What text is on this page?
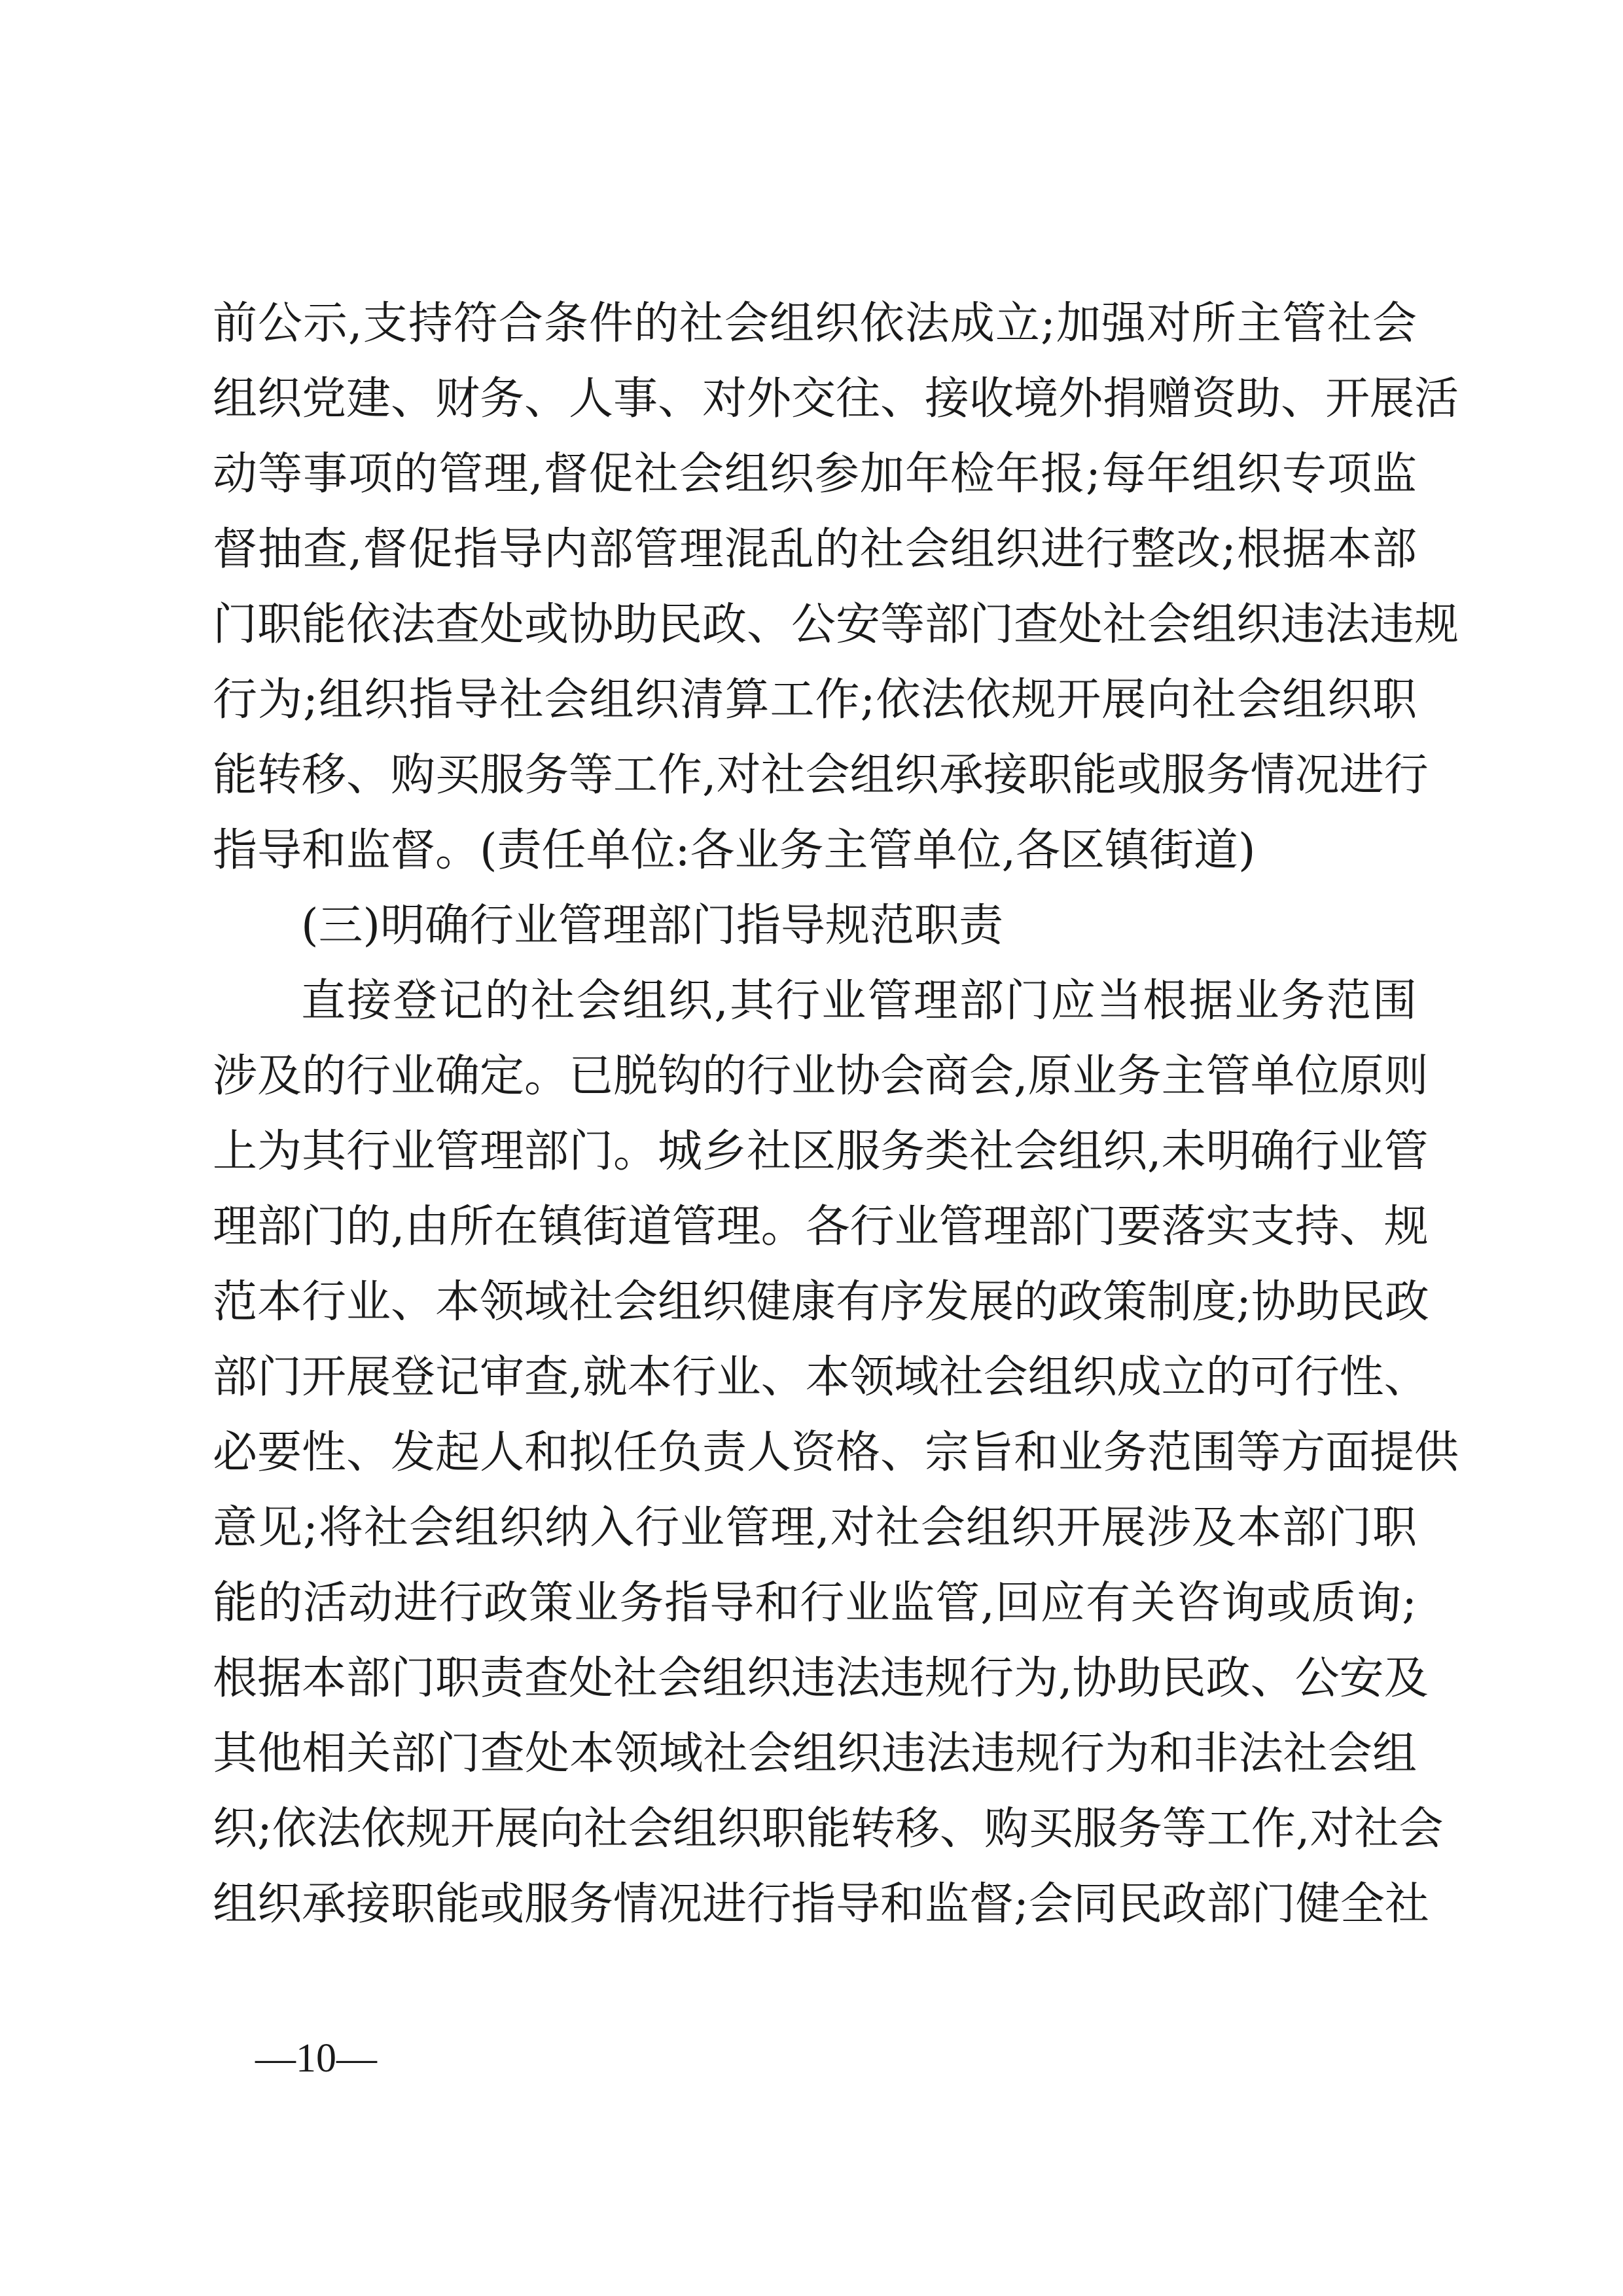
前公示,支持符合条件的社会组织依法成立;加强对所主管社会
组织党建、财务、人事、对外交往、接收境外捐赠资助、开展活
动等事项的管理,督促社会组织参加年检年报;每年组织专项监
督抽查,督促指导内部管理混乱的社会组织进行整改;根据本部
门职能依法查处或协助民政、公安等部门查处社会组织违法违规
行为;组织指导社会组织清算工作;依法依规开展向社会组织职
能转移、购买服务等工作,对社会组织承接职能或服务情况进行
指导和监督。(责任单位:各业务主管单位,各区镇街道)
(三)明确行业管理部门指导规范职责
直接登记的社会组织,其行业管理部门应当根据业务范围
涉及的行业确定。已脱钩的行业协会商会,原业务主管单位原则
上为其行业管理部门。城乡社区服务类社会组织,未明确行业管
理部门的,由所在镇街道管理。各行业管理部门要落实支持、规
范本行业、本领域社会组织健康有序发展的政策制度;协助民政
部门开展登记审查,就本行业、本领域社会组织成立的可行性、
必要性、发起人和拟任负责人资格、宗旨和业务范围等方面提供
意见;将社会组织纳入行业管理,对社会组织开展涉及本部门职
能的活动进行政策业务指导和行业监管,回应有关咨询或质询;
根据本部门职责查处社会组织违法违规行为,协助民政、公安及
其他相关部门查处本领域社会组织违法违规行为和非法社会组
织;依法依规开展向社会组织职能转移、购买服务等工作,对社会
组织承接职能或服务情况进行指导和监督;会同民政部门健全社
—10—
